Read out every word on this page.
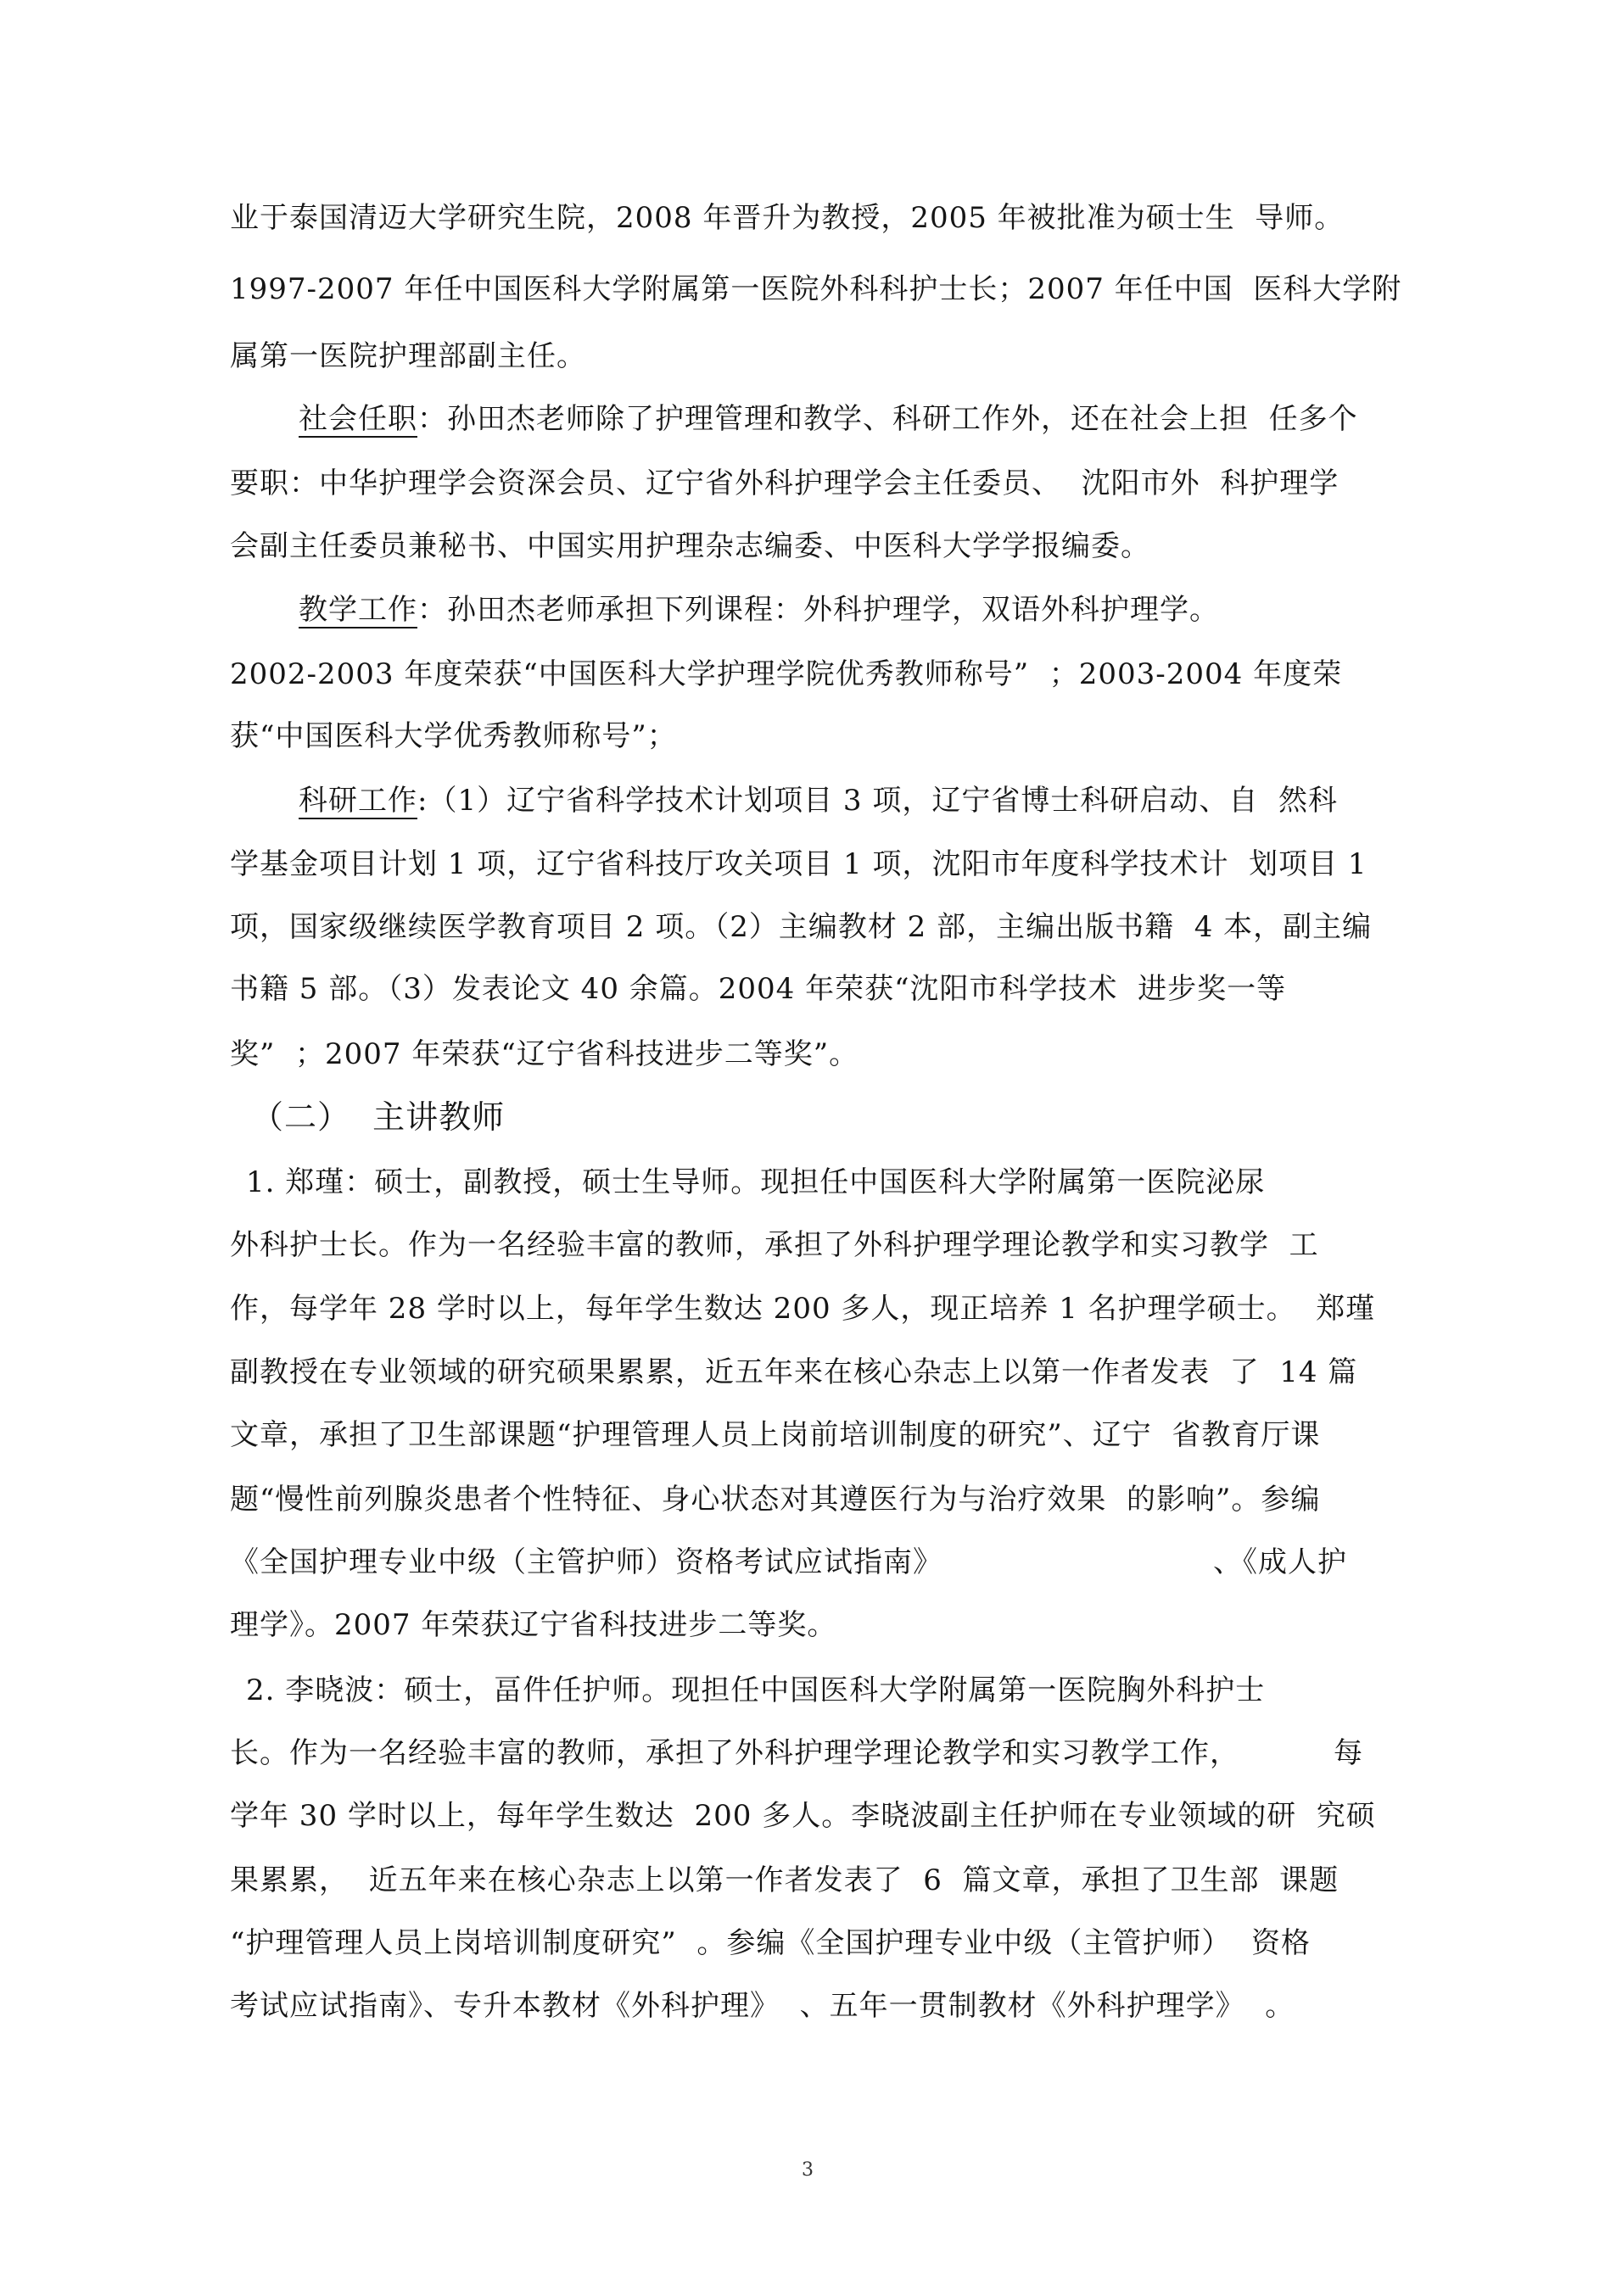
业于泰国清迈大学研究生院，2008 年晋升为教授，2005 年被批准为硕士生  导师。
1997-2007 年任中国医科大学附属第一医院外科科护士长；2007 年任中国  医科大学附
属第一医院护理部副主任。
社会任职：孙田杰老师除了护理管理和教学、科研工作外，还在社会上担  任多个
要职：中华护理学会资深会员、辽宁省外科护理学会主任委员、  沈阳市外  科护理学
会副主任委员兼秘书、中国实用护理杂志编委、中医科大学学报编委。
教学工作：孙田杰老师承担下列课程：外科护理学，双语外科护理学。
2002-2003 年度荣获“中国医科大学护理学院优秀教师称号”  ；2003-2004 年度荣
获“中国医科大学优秀教师称号”；
科研工作:（1）辽宁省科学技术计划项目 3 项，辽宁省博士科研启动、自  然科
学基金项目计划 1 项，辽宁省科技厅攻关项目 1 项，沈阳市年度科学技术计  划项目 1
项，国家级继续医学教育项目 2 项。（2）主编教材 2 部，主编出版书籍  4 本，副主编
书籍 5 部。（3）发表论文 40 余篇。2004 年荣获“沈阳市科学技术  进步奖一等
奖”  ；2007 年荣获“辽宁省科技进步二等奖”。
（二）  主讲教师
1. 郑瑾：硕士，副教授，硕士生导师。现担任中国医科大学附属第一医院泌尿
外科护士长。作为一名经验丰富的教师，承担了外科护理学理论教学和实习教学  工
作，每学年 28 学时以上，每年学生数达 200 多人，现正培养 1 名护理学硕士。  郑瑾
副教授在专业领域的研究硕果累累，近五年来在核心杂志上以第一作者发表  了  14 篇
文章，承担了卫生部课题“护理管理人员上岗前培训制度的研究”、辽宁  省教育厅课
题“慢性前列腺炎患者个性特征、身心状态对其遵医行为与治疗效果  的影响”。参编
《全国护理专业中级（主管护师）资格考试应试指南》	、《成人护
理学》。2007 年荣获辽宁省科技进步二等奖。
2. 李晓波：硕士，畐件任护师。现担任中国医科大学附属第一医院胸外科护士
长。作为一名经验丰富的教师，承担了外科护理学理论教学和实习教学工作，	每
学年 30 学时以上，每年学生数达  200 多人。李晓波副主任护师在专业领域的研  究硕
果累累，  近五年来在核心杂志上以第一作者发表了  6  篇文章，承担了卫生部  课题
“护理管理人员上岗培训制度研究”  。参编《全国护理专业中级（主管护师）  资格
考试应试指南》、专升本教材《外科护理》  、五年一贯制教材《外科护理学》  。
3
